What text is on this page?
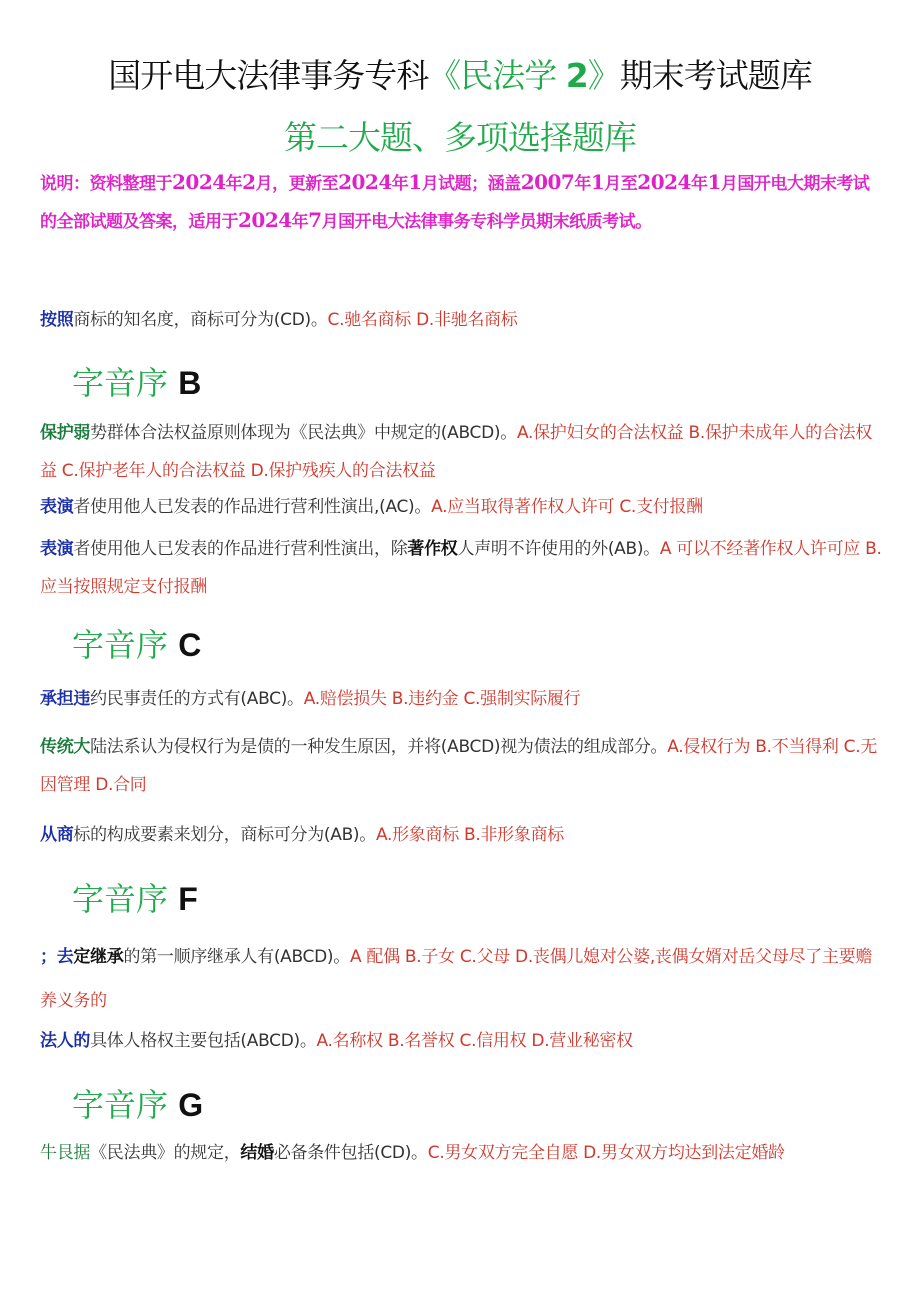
国开电大法律事务专科《民法学 2》期末考试题库
第二大题、多项选择题库
说明：资料整理于2024年2月，更新至2024年1月试题；涵盖2007年1月至2024年1月国开电大期末考试的全部试题及答案，适用于2024年7月国开电大法律事务专科学员期末纸质考试。
按照商标的知名度，商标可分为(CD)。C.驰名商标 D.非驰名商标
字音序 B
保护弱势群体合法权益原则体现为《民法典》中规定的(ABCD)。A.保护妇女的合法权益 B.保护未成年人的合法权益 C.保护老年人的合法权益 D.保护残疾人的合法权益
表演者使用他人已发表的作品进行营利性演出,(AC)。A.应当取得著作权人许可 C.支付报酬
表演者使用他人已发表的作品进行营利性演出，除著作权人声明不许使用的外(AB)。A 可以不经著作权人许可应 B.应当按照规定支付报酬
字音序 C
承担违约民事责任的方式有(ABC)。A.赔偿损失 B.违约金 C.强制实际履行
传统大陆法系认为侵权行为是债的一种发生原因，并将(ABCD)视为债法的组成部分。A.侵权行为 B.不当得利 C.无因管理 D.合同
从商标的构成要素来划分，商标可分为(AB)。A.形象商标 B.非形象商标
字音序 F
；去定继承的第一顺序继承人有(ABCD)。A 配偶 B.子女 C.父母 D.丧偶儿媳对公婆,丧偶女婿对岳父母尽了主要赡养义务的
法人的具体人格权主要包括(ABCD)。A.名称权 B.名誉权 C.信用权 D.营业秘密权
字音序 G
牛艮据《民法典》的规定，结婚必备条件包括(CD)。C.男女双方完全自愿 D.男女双方均达到法定婚龄
